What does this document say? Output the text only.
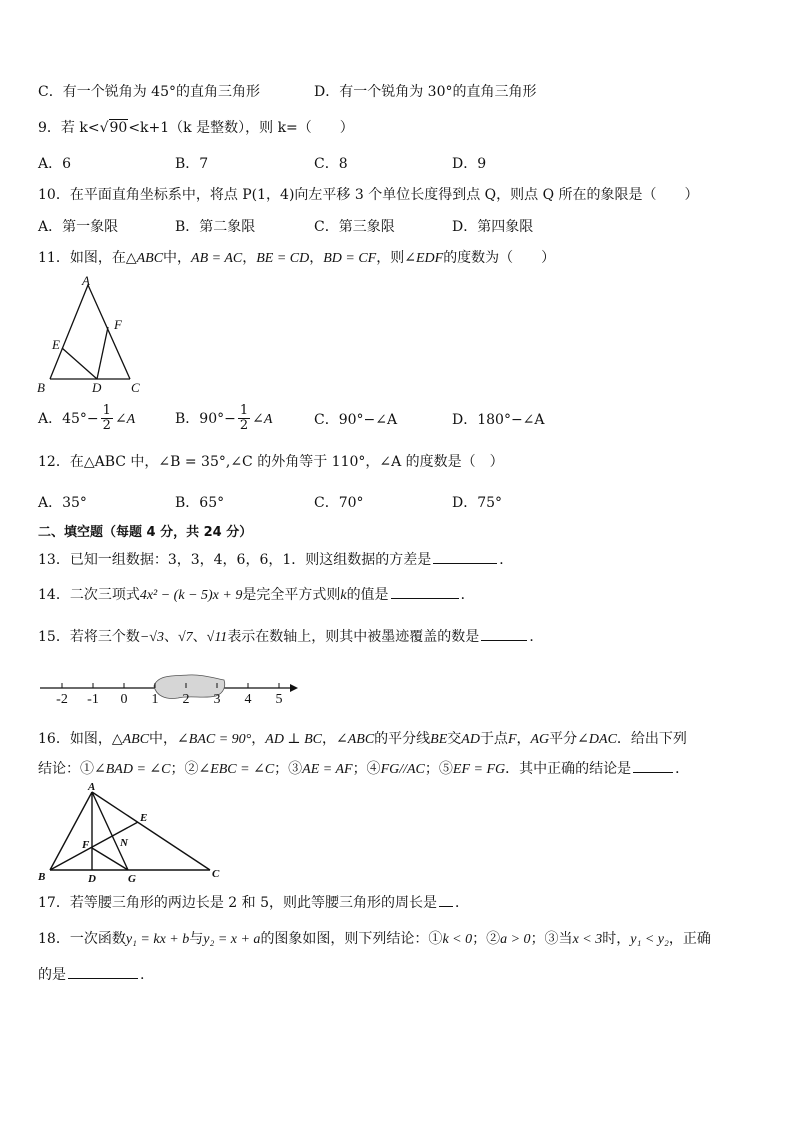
C．有一个锐角为 45°的直角三角形	D．有一个锐角为 30°的直角三角形
9．若 k<√90<k+1（k 是整数），则 k=（　　）
A．6	B．7	C．8	D．9
10．在平面直角坐标系中，将点 P(1，4)向左平移 3 个单位长度得到点 Q，则点 Q 所在的象限是（　　）
A．第一象限	B．第二象限	C．第三象限	D．第四象限
11．如图，在△ABC中，AB = AC，BE = CD，BD = CF，则∠EDF的度数为（　　）
A
B	C
D
E
F
A．$45^\circ- \frac{1}{2}$ ∠A	B．$90^\circ- \frac{1}{2}$ ∠A	C．90°−∠A	D．180°−∠A
12．在△ABC 中，∠B = 35°,∠C 的外角等于 110°，∠A 的度数是（　）
A．35°	B．65°	C．70°	D．75°
二、填空题（每题 4 分，共 24 分）
13．已知一组数据：3，3，4，6，6，1．则这组数据的方差是	．
14．二次三项式4x² − (k − 5)x + 9是完全平方式则k的值是	．
15．若将三个数−√3、√7、√11表示在数轴上，则其中被墨迹覆盖的数是	．
-2 -1 0 1 2 3 4 5
16．如图，△ABC中，∠BAC = 90°，AD ⊥ BC，∠ABC的平分线BE交AD于点F，AG平分∠DAC．给出下列
结论：①∠BAD = ∠C；②∠EBC = ∠C；③AE = AF；④FG//AC；⑤EF = FG．其中正确的结论是	．
A
B	C
D
E
F
G
N
17．若等腰三角形的两边长是 2 和 5，则此等腰三角形的周长是 ．
18．一次函数y₁ = kx + b与y₂ = x + a的图象如图，则下列结论：①k < 0；②a > 0；③当x < 3时，y₁ < y₂，正确
的是	.
